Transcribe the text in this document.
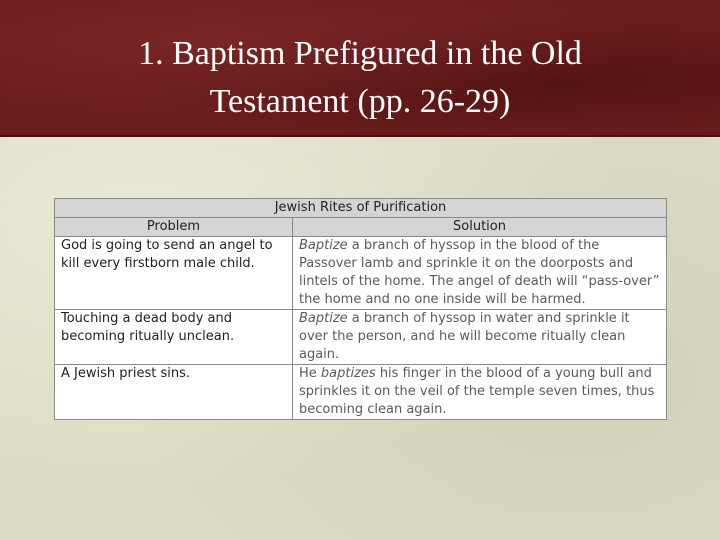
1. Baptism Prefigured in the Old
Testament (pp. 26-29)
Jewish Rites of Purification	
Problem	Solution
God is going to send an angel to kill every firstborn male child.	Baptize a branch of hyssop in the blood of the Passover lamb and sprinkle it on the doorposts and lintels of the home. The angel of death will “pass-over” the home and no one inside will be harmed.
Touching a dead body and becoming ritually unclean.	Baptize a branch of hyssop in water and sprinkle it over the person, and he will become ritually clean again.
A Jewish priest sins.	He baptizes his finger in the blood of a young bull and sprinkles it on the veil of the temple seven times, thus becoming clean again.
